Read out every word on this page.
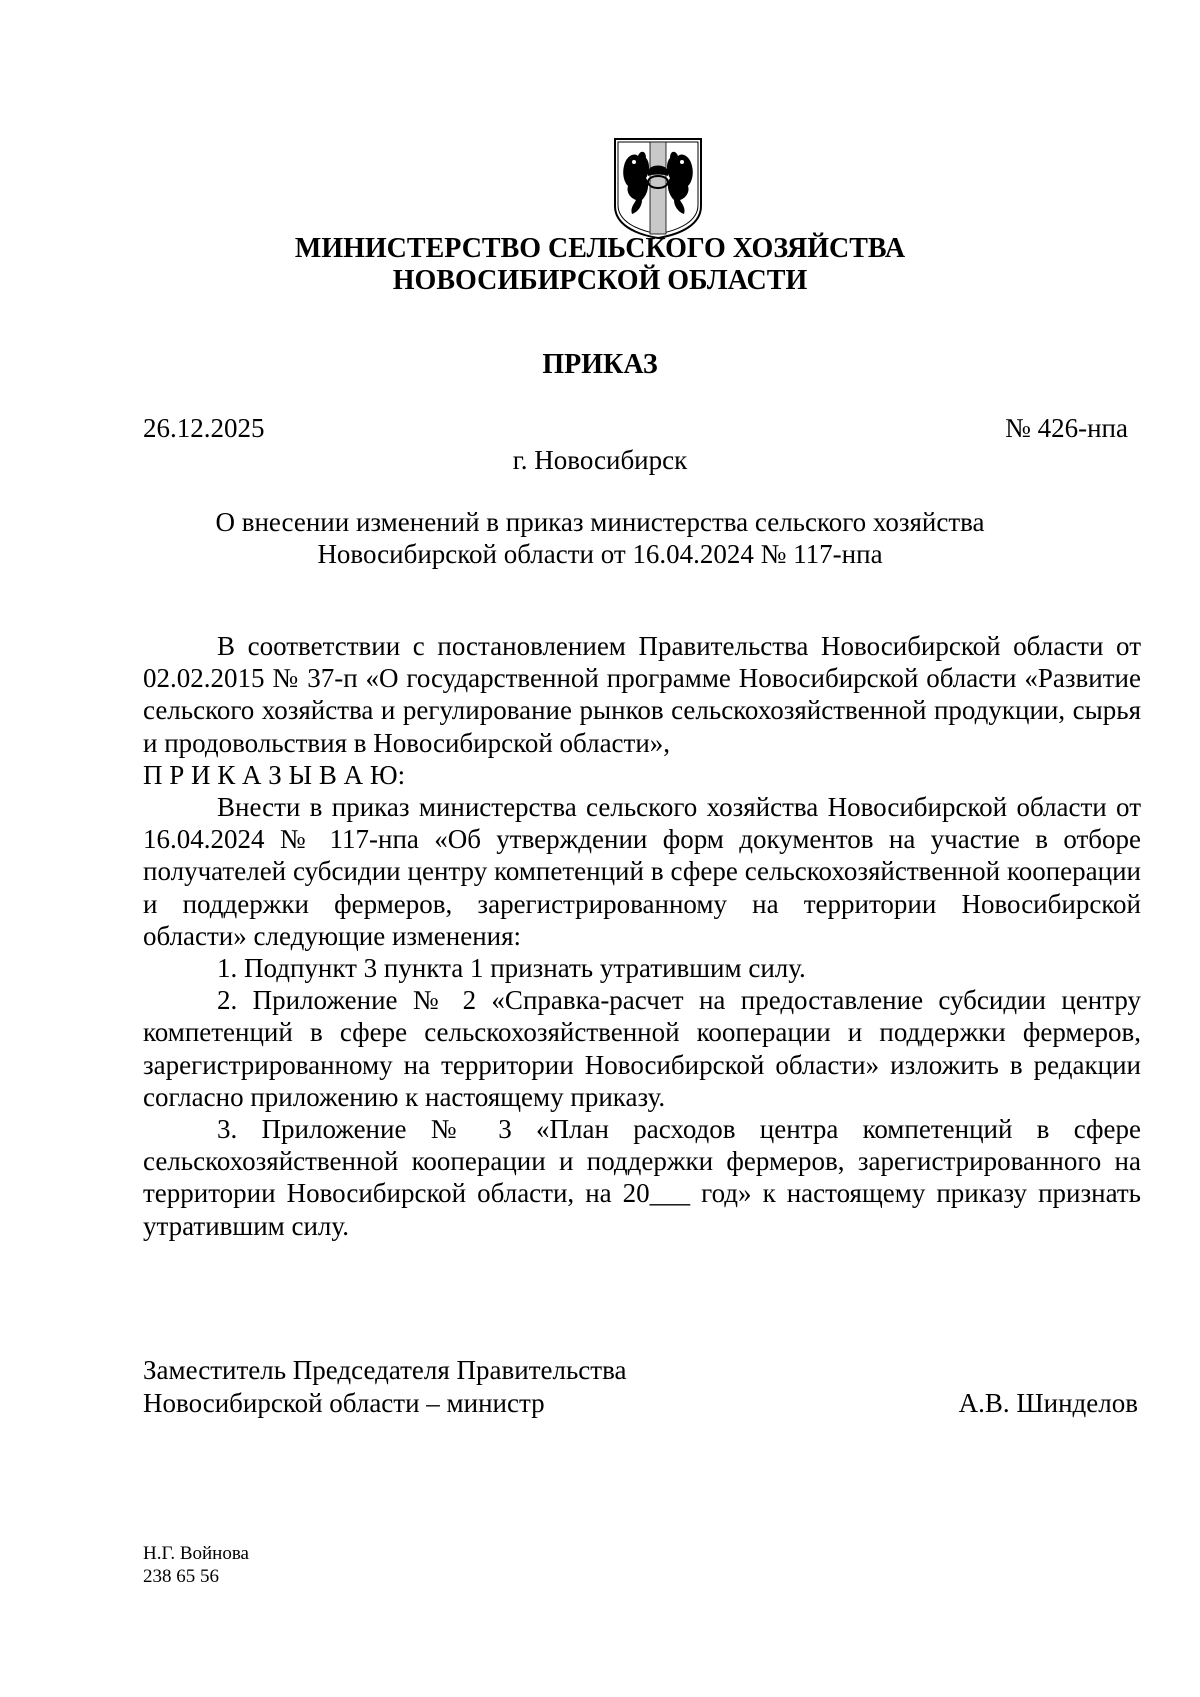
МИНИСТЕРСТВО СЕЛЬСКОГО ХОЗЯЙСТВА
НОВОСИБИРСКОЙ ОБЛАСТИ
ПРИКАЗ
26.12.2025	№ 426-нпа
г. Новосибирск
О внесении изменений в приказ министерства сельского хозяйства
Новосибирской области от 16.04.2024 № 117-нпа

В соответствии с постановлением Правительства Новосибирской области от 02.02.2015 № 37-п «О государственной программе Новосибирской области «Развитие сельского хозяйства и регулирование рынков сельскохозяйственной продукции, сырья и продовольствия в Новосибирской области»,

П Р И К А З Ы В А Ю:

Внести в приказ министерства сельского хозяйства Новосибирской области от 16.04.2024 № 117-нпа «Об утверждении форм документов на участие в отборе получателей субсидии центру компетенций в сфере сельскохозяйственной кооперации и поддержки фермеров, зарегистрированному на территории Новосибирской области» следующие изменения:

1. Подпункт 3 пункта 1 признать утратившим силу.

2. Приложение № 2 «Справка-расчет на предоставление субсидии центру компетенций в сфере сельскохозяйственной кооперации и поддержки фермеров, зарегистрированному на территории Новосибирской области» изложить в редакции согласно приложению к настоящему приказу.

3. Приложение № 3 «План расходов центра компетенций в сфере сельскохозяйственной кооперации и поддержки фермеров, зарегистрированного на территории Новосибирской области, на 20___ год» к настоящему приказу признать утратившим силу.

Заместитель Председателя Правительства
Новосибирской области – министр	А.В. Шинделов
Н.Г. Войнова
238 65 56
